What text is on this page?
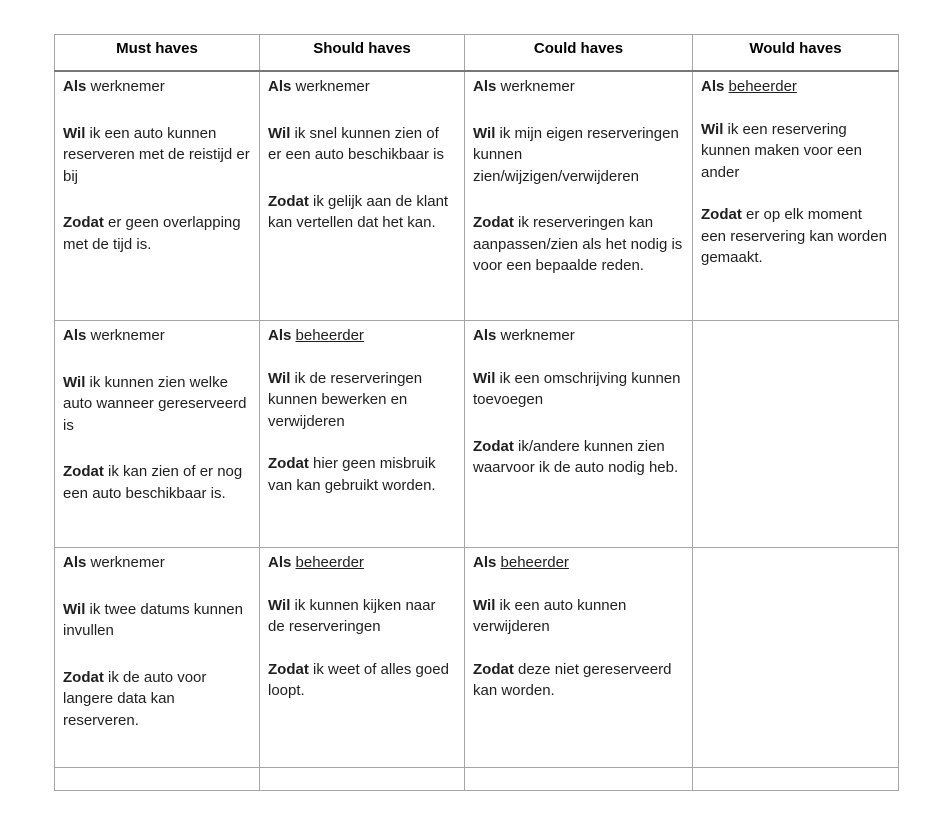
Must haves	Should haves	Could haves	Would haves

Als werknemer
Wil ik een auto kunnen reserveren met de reistijd er bij
Zodat er geen overlapping met de tijd is.	Als werknemer
Wil ik snel kunnen zien of er een auto beschikbaar is
Zodat ik gelijk aan de klant kan vertellen dat het kan.	Als werknemer
Wil ik mijn eigen reserveringen kunnen zien/wijzigen/verwijderen
Zodat ik reserveringen kan aanpassen/zien als het nodig is voor een bepaalde reden.	Als beheerder
Wil ik een reservering kunnen maken voor een ander
Zodat er op elk moment een reservering kan worden gemaakt.

Als werknemer
Wil ik kunnen zien welke auto wanneer gereserveerd is
Zodat ik kan zien of er nog een auto beschikbaar is.	Als beheerder
Wil ik de reserveringen kunnen bewerken en verwijderen
Zodat hier geen misbruik van kan gebruikt worden.	Als werknemer
Wil ik een omschrijving kunnen toevoegen
Zodat ik/andere kunnen zien waarvoor ik de auto nodig heb.	

Als werknemer
Wil ik twee datums kunnen invullen
Zodat ik de auto voor langere data kan reserveren.	Als beheerder
Wil ik kunnen kijken naar de reserveringen
Zodat ik weet of alles goed loopt.	Als beheerder
Wil ik een auto kunnen verwijderen
Zodat deze niet gereserveerd kan worden.	
